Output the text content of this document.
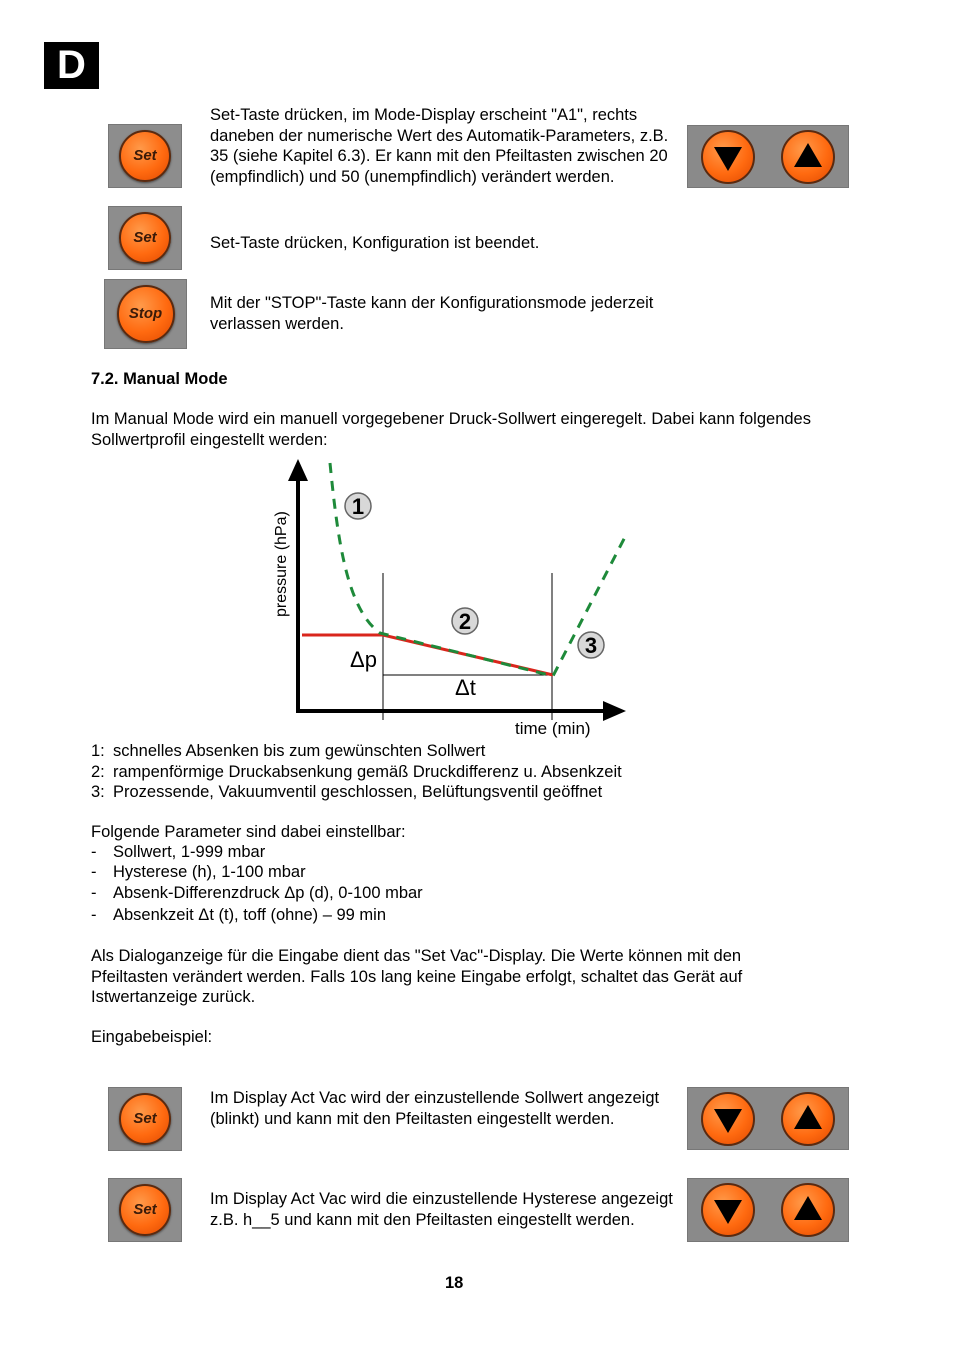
D
Set
Set-Taste drücken, im Mode-Display erscheint "A1", rechts daneben der numerische Wert des Automatik-Parameters, z.B. 35 (siehe Kapitel 6.3). Er kann mit den Pfeiltasten zwischen 20 (empfindlich) und 50 (unempfindlich) verändert werden.
Set	Set-Taste drücken, Konfiguration ist beendet.
Stop
Mit der "STOP"-Taste kann der Konfigurationsmode jederzeit verlassen werden.
7.2. Manual Mode
Im Manual Mode wird ein manuell vorgegebener Druck-Sollwert eingeregelt. Dabei kann folgendes Sollwertprofil eingestellt werden:
1
2
3
Δp
Δt
time (min)
pressure (hPa)
1: schnelles Absenken bis zum gewünschten Sollwert
2: rampenförmige Druckabsenkung gemäß Druckdifferenz u. Absenkzeit
3: Prozessende, Vakuumventil geschlossen, Belüftungsventil geöffnet
Folgende Parameter sind dabei einstellbar:
-	Sollwert, 1-999 mbar
-	Hysterese (h), 1-100 mbar
-	Absenk-Differenzdruck Δp (d), 0-100 mbar
-	Absenkzeit Δt (t), toff (ohne) – 99 min
Als Dialoganzeige für die Eingabe dient das "Set Vac"-Display. Die Werte können mit den Pfeiltasten verändert werden. Falls 10s lang keine Eingabe erfolgt, schaltet das Gerät auf Istwertanzeige zurück.
Eingabebeispiel:
Set
Im Display Act Vac wird der einzustellende Sollwert angezeigt (blinkt) und kann mit den Pfeiltasten eingestellt werden.
Set
Im Display Act Vac wird die einzustellende Hysterese angezeigt z.B. h__5 und kann mit den Pfeiltasten eingestellt werden.
18
